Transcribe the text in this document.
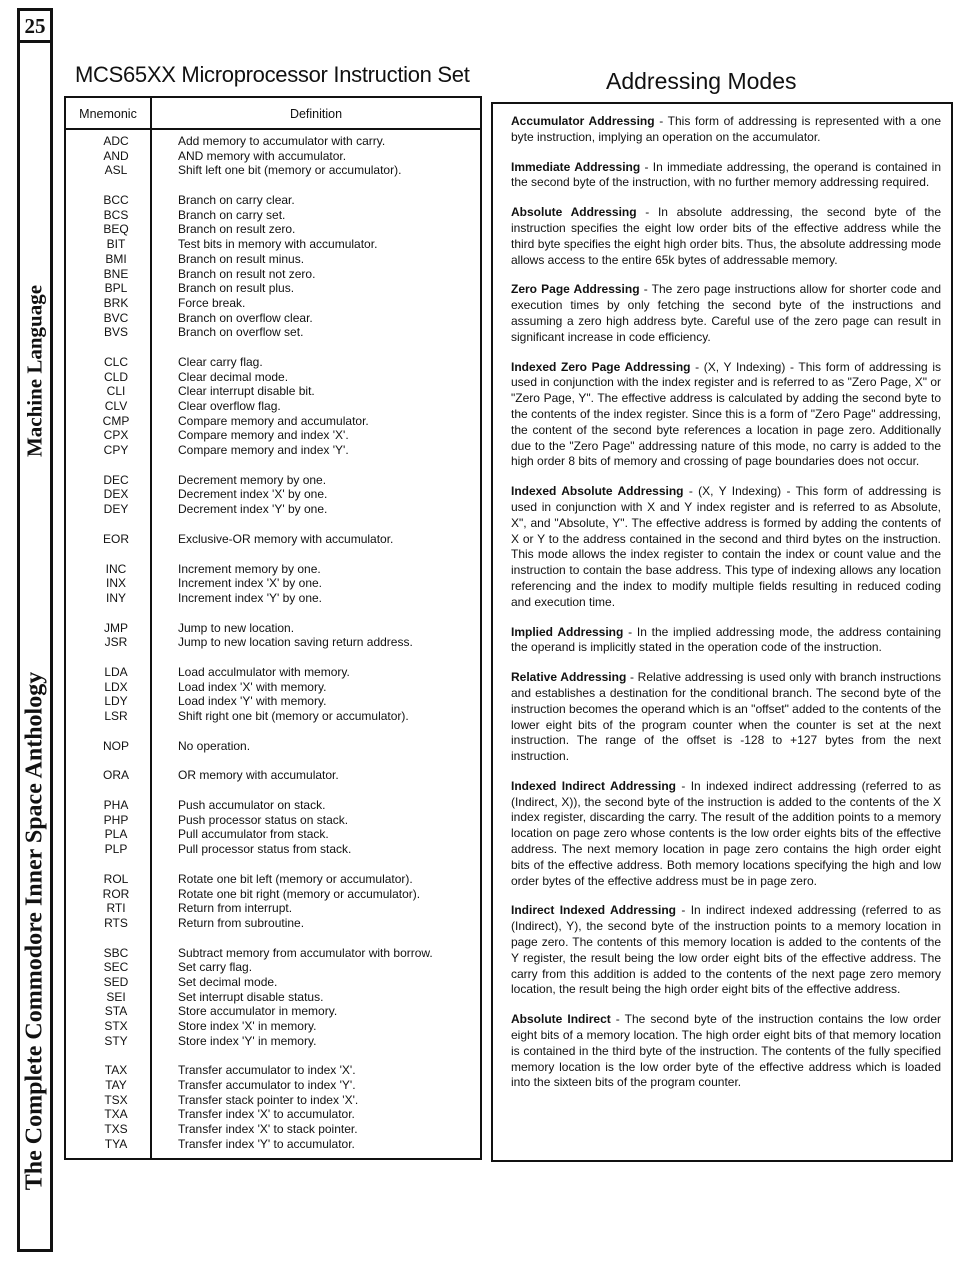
25
Machine Language
The Complete Commodore Inner Space Anthology
MCS65XX Microprocessor Instruction Set	Addressing Modes
Mnemonic	Definition
ADC	Add memory to accumulator with carry.
AND	AND memory with accumulator.
ASL	Shift left one bit (memory or accumulator).
BCC	Branch on carry clear.
BCS	Branch on carry set.
BEQ	Branch on result zero.
BIT	Test bits in memory with accumulator.
BMI	Branch on result minus.
BNE	Branch on result not zero.
BPL	Branch on result plus.
BRK	Force break.
BVC	Branch on overflow clear.
BVS	Branch on overflow set.
CLC	Clear carry flag.
CLD	Clear decimal mode.
CLI	Clear interrupt disable bit.
CLV	Clear overflow flag.
CMP	Compare memory and accumulator.
CPX	Compare memory and index 'X'.
CPY	Compare memory and index 'Y'.
DEC	Decrement memory by one.
DEX	Decrement index 'X' by one.
DEY	Decrement index 'Y' by one.
EOR	Exclusive-OR memory with accumulator.
INC	Increment memory by one.
INX	Increment index 'X' by one.
INY	Increment index 'Y' by one.
JMP	Jump to new location.
JSR	Jump to new location saving return address.
LDA	Load acculmulator with memory.
LDX	Load index 'X' with memory.
LDY	Load index 'Y' with memory.
LSR	Shift right one bit (memory or accumulator).
NOP	No operation.
ORA	OR memory with accumulator.
PHA	Push accumulator on stack.
PHP	Push processor status on stack.
PLA	Pull accumulator from stack.
PLP	Pull processor status from stack.
ROL	Rotate one bit left (memory or accumulator).
ROR	Rotate one bit right (memory or accumulator).
RTI	Return from interrupt.
RTS	Return from subroutine.
SBC	Subtract memory from accumulator with borrow.
SEC	Set carry flag.
SED	Set decimal mode.
SEI	Set interrupt disable status.
STA	Store accumulator in memory.
STX	Store index 'X' in memory.
STY	Store index 'Y' in memory.
TAX	Transfer accumulator to index 'X'.
TAY	Transfer accumulator to index 'Y'.
TSX	Transfer stack pointer to index 'X'.
TXA	Transfer index 'X' to accumulator.
TXS	Transfer index 'X' to stack pointer.
TYA	Transfer index 'Y' to accumulator.
Accumulator Addressing - This form of addressing is represented with a one byte instruction, implying an operation on the accumulator.
Immediate Addressing - In immediate addressing, the operand is contained in the second byte of the instruction, with no further memory addressing required.
Absolute Addressing - In absolute addressing, the second byte of the instruction specifies the eight low order bits of the effective address while the third byte specifies the eight high order bits. Thus, the absolute addressing mode allows access to the entire 65k bytes of addressable memory.
Zero Page Addressing - The zero page instructions allow for shorter code and execution times by only fetching the second byte of the instructions and assuming a zero high address byte. Careful use of the zero page can result in significant increase in code efficiency.
Indexed Zero Page Addressing - (X, Y Indexing) - This form of addressing is used in conjunction with the index register and is referred to as "Zero Page, X" or "Zero Page, Y". The effective address is calculated by adding the second byte to the contents of the index register. Since this is a form of "Zero Page" addressing, the content of the second byte references a location in page zero. Additionally due to the "Zero Page" addressing nature of this mode, no carry is added to the high order 8 bits of memory and crossing of page boundaries does not occur.
Indexed Absolute Addressing - (X, Y Indexing) - This form of addressing is used in conjunction with X and Y index register and is referred to as Absolute, X", and "Absolute, Y". The effective address is formed by adding the contents of X or Y to the address contained in the second and third bytes on the instruction. This mode allows the index register to contain the index or count value and the instruction to contain the base address. This type of indexing allows any location referencing and the index to modify multiple fields resulting in reduced coding and execution time.
Implied Addressing - In the implied addressing mode, the address containing the operand is implicitly stated in the operation code of the instruction.
Relative Addressing - Relative addressing is used only with branch instructions and establishes a destination for the conditional branch. The second byte of the instruction becomes the operand which is an "offset" added to the contents of the lower eight bits of the program counter when the counter is set at the next instruction. The range of the offset is -128 to +127 bytes from the next instruction.
Indexed Indirect Addressing - In indexed indirect addressing (referred to as (Indirect, X)), the second byte of the instruction is added to the contents of the X index register, discarding the carry. The result of the addition points to a memory location on page zero whose contents is the low order eights bits of the effective address. The next memory location in page zero contains the high order eight bits of the effective address. Both memory locations specifying the high and low order bytes of the effective address must be in page zero.
Indirect Indexed Addressing - In indirect indexed addressing (referred to as (Indirect), Y), the second byte of the instruction points to a memory location in page zero. The contents of this memory location is added to the contents of the Y register, the result being the low order eight bits of the effective address. The carry from this addition is added to the contents of the next page zero memory location, the result being the high order eight bits of the effective address.
Absolute Indirect - The second byte of the instruction contains the low order eight bits of a memory location. The high order eight bits of that memory location is contained in the third byte of the instruction. The contents of the fully specified memory location is the low order byte of the effective address which is loaded into the sixteen bits of the program counter.
